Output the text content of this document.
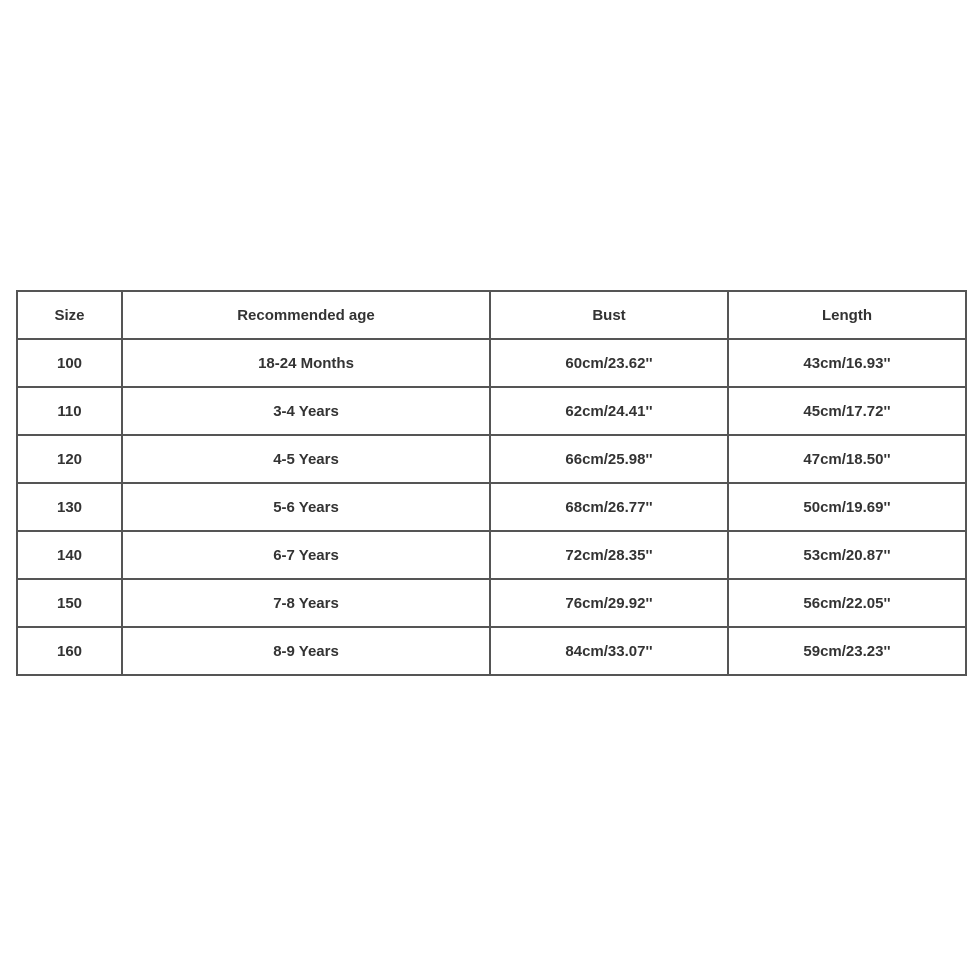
Size	Recommended age	Bust	Length
100	18-24 Months	60cm/23.62''	43cm/16.93''
110	3-4 Years	62cm/24.41''	45cm/17.72''
120	4-5 Years	66cm/25.98''	47cm/18.50''
130	5-6 Years	68cm/26.77''	50cm/19.69''
140	6-7 Years	72cm/28.35''	53cm/20.87''
150	7-8 Years	76cm/29.92''	56cm/22.05''
160	8-9 Years	84cm/33.07''	59cm/23.23''
